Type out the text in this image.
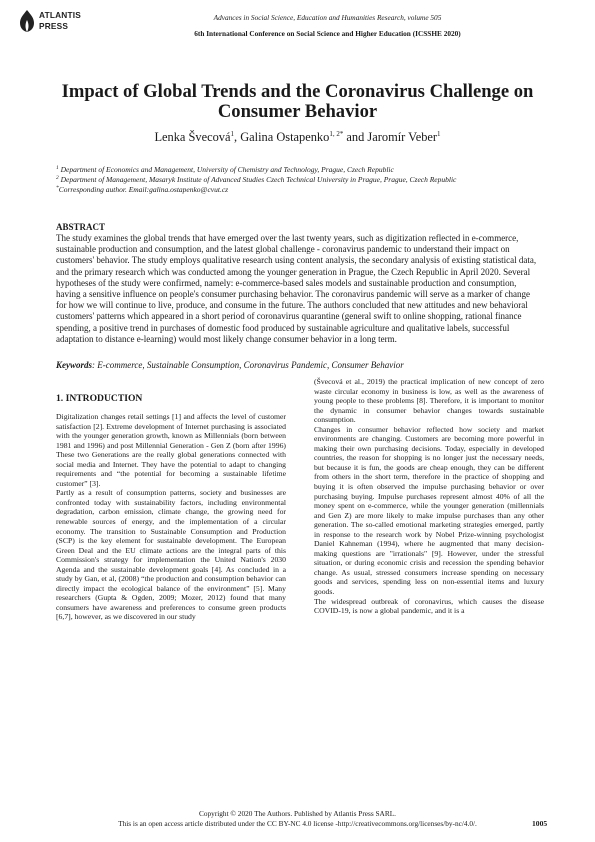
ATLANTIS
PRESS
Advances in Social Science, Education and Humanities Research, volume 505
6th International Conference on Social Science and Higher Education (ICSSHE 2020)
Impact of Global Trends and the Coronavirus Challenge on Consumer Behavior
Lenka Švecová$^1$, Galina Ostapenko$^{1, 2*}$ and Jaromír Veber$^1$
$^1$ Department of Economics and Management, University of Chemistry and Technology, Prague, Czech Republic
$^2$ Department of Management, Masaryk Institute of Advanced Studies Czech Technical University in Prague, Prague, Czech Republic
*Corresponding author. Email:galina.ostapenko@cvut.cz
ABSTRACT
The study examines the global trends that have emerged over the last twenty years, such as digitization reflected in e-commerce, sustainable production and consumption, and the latest global challenge - coronavirus pandemic to understand their impact on customers' behavior. The study employs qualitative research using content analysis, the secondary analysis of existing statistical data, and the primary research which was conducted among the younger generation in Prague, the Czech Republic in April 2020. Several hypotheses of the study were confirmed, namely: e-commerce-based sales models and sustainable production and consumption, having a sensitive influence on people's consumer purchasing behavior. The coronavirus pandemic will serve as a marker of change for how we will continue to live, produce, and consume in the future. The authors concluded that new attitudes and new behavioral customers' patterns which appeared in a short period of coronavirus quarantine (general swift to online shopping, rational finance spending, a positive trend in purchases of domestic food produced by sustainable agriculture and qualitative labels, successful adaptation to distance e-learning) would most likely change consumer behavior in a long term.
Keywords: E-commerce, Sustainable Consumption, Coronavirus Pandemic, Consumer Behavior
1. INTRODUCTION

Digitalization changes retail settings [1] and affects the level of customer satisfaction [2]. Extreme development of Internet purchasing is associated with the younger generation growth, known as Millennials (born between 1981 and 1996) and post Millennial Generation - Gen Z (born after 1996) These two Generations are the really global generations connected with social media and Internet. They have the potential to adapt to changing requirements and “the potential for becoming a sustainable lifetime customer” [3].

Partly as a result of consumption patterns, society and businesses are confronted today with sustainability factors, including environmental degradation, carbon emission, climate change, the growing need for renewable sources of energy, and the implementation of a circular economy. The transition to Sustainable Consumption and Production (SCP) is the key element for sustainable development. The European Green Deal and the EU climate actions are the integral parts of this Commission's strategy for implementation the United Nation's 2030 Agenda and the sustainable development goals [4]. As concluded in a study by Gan, et al, (2008) “the production and consumption behavior can directly impact the ecological balance of the environment” [5]. Many researchers (Gupta & Ogden, 2009; Mozer, 2012) found that many consumers have awareness and preferences to consume green products [6,7], however, as we discovered in our study

(Švecová et al., 2019) the practical implication of new concept of zero waste circular economy in business is low, as well as the awareness of young people to these problems [8]. Therefore, it is important to monitor the dynamic in consumer behavior changes towards sustainable consumption.

Changes in consumer behavior reflected how society and market environments are changing. Customers are becoming more powerful in making their own purchasing decisions. Today, especially in developed countries, the reason for shopping is no longer just the necessary needs, but because it is fun, the goods are cheap enough, they can be different from others in the short term, therefore in the practice of shopping and buying it is often observed the impulse purchasing behavior or over purchasing buying. Impulse purchases represent almost 40% of all the money spent on e-commerce, while the younger generation (millennials and Gen Z) are more likely to make impulse purchases than any other generation. The so-called emotional marketing strategies emerged, partly in response to the research work by Nobel Prize-winning psychologist Daniel Kahneman (1994), where he augmented that many decision-making questions are "irrationals" [9]. However, under the stressful situation, or during economic crisis and recession the spending behavior change. As usual, stressed consumers increase spending on necessary goods and services, spending less on non-essential items and luxury goods.

The widespread outbreak of coronavirus, which causes the disease COVID-19, is now a global pandemic, and it is a

Copyright © 2020 The Authors. Published by Atlantis Press SARL.
This is an open access article distributed under the CC BY-NC 4.0 license -http://creativecommons.org/licenses/by-nc/4.0/.	1005
